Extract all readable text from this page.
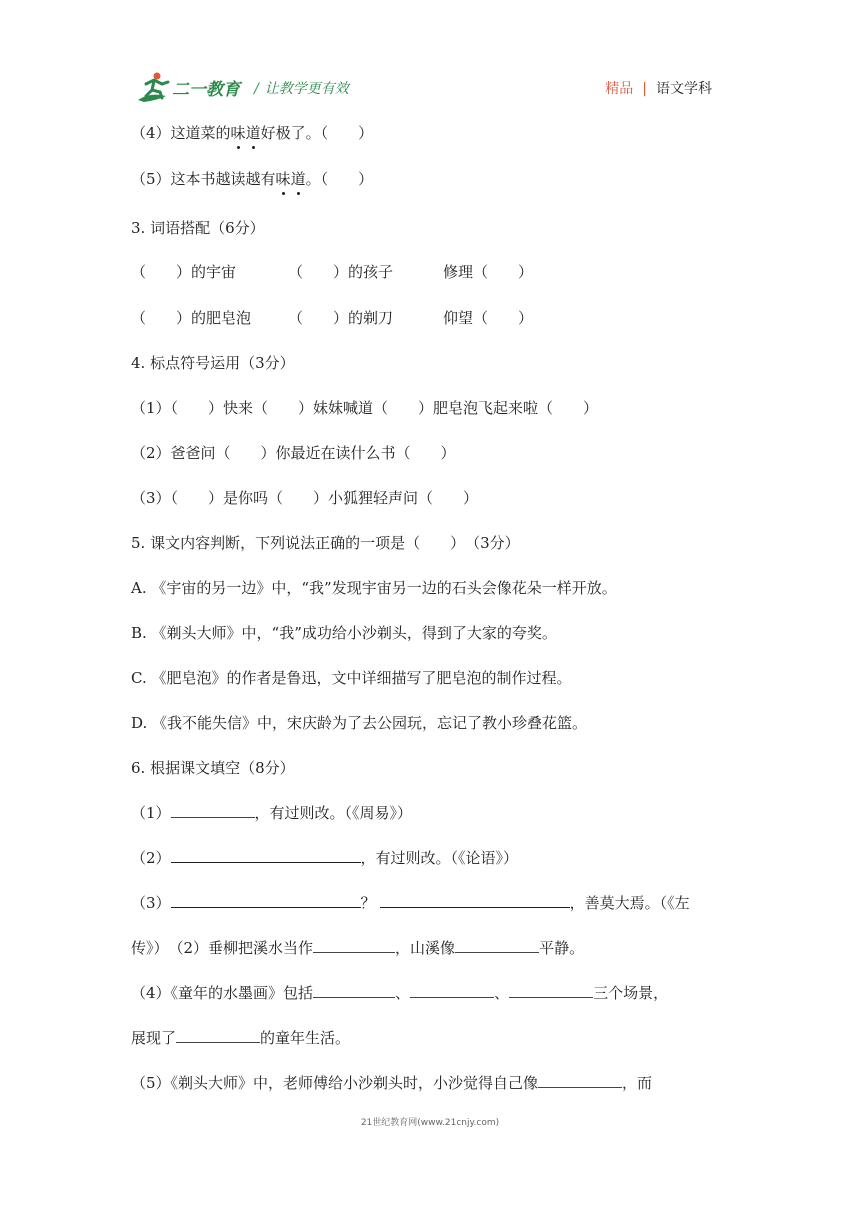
二一教育 / 让教学更有效	精品 | 语文学科
（4）这道菜的味道好极了。（　　）
（5）这本书越读越有味道。（　　）
3. 词语搭配（6分）
（　　）的宇宙	（　　）的孩子	修理（　　）
（　　）的肥皂泡 （　　）的剃刀	仰望（　　）
4. 标点符号运用（3分）
（1）（　　）快来（　　）妹妹喊道（　　）肥皂泡飞起来啦（　　）
（2）爸爸问（　　）你最近在读什么书（　　）
（3）（　　）是你吗（　　）小狐狸轻声问（　　）
5. 课文内容判断，下列说法正确的一项是（　　）　（3分）
A. 《宇宙的另一边》中，“我”发现宇宙另一边的石头会像花朵一样开放。
B. 《剃头大师》中，“我”成功给小沙剃头，得到了大家的夸奖。
C. 《肥皂泡》的作者是鲁迅，文中详细描写了肥皂泡的制作过程。
D. 《我不能失信》中，宋庆龄为了去公园玩，忘记了教小珍叠花篮。
6. 根据课文填空（8分）
（1）	，有过则改。（《周易》）
（2）	，有过则改。（《论语》）
（3）	？	，善莫大焉。（《左
传》）　（2）垂柳把溪水当作	，山溪像	平静。
（4）《童年的水墨画》包括	、	、	三个场景，
展现了	的童年生活。
（5）《剃头大师》中，老师傅给小沙剃头时，小沙觉得自己像	，而
21世纪教育网(www.21cnjy.com)
